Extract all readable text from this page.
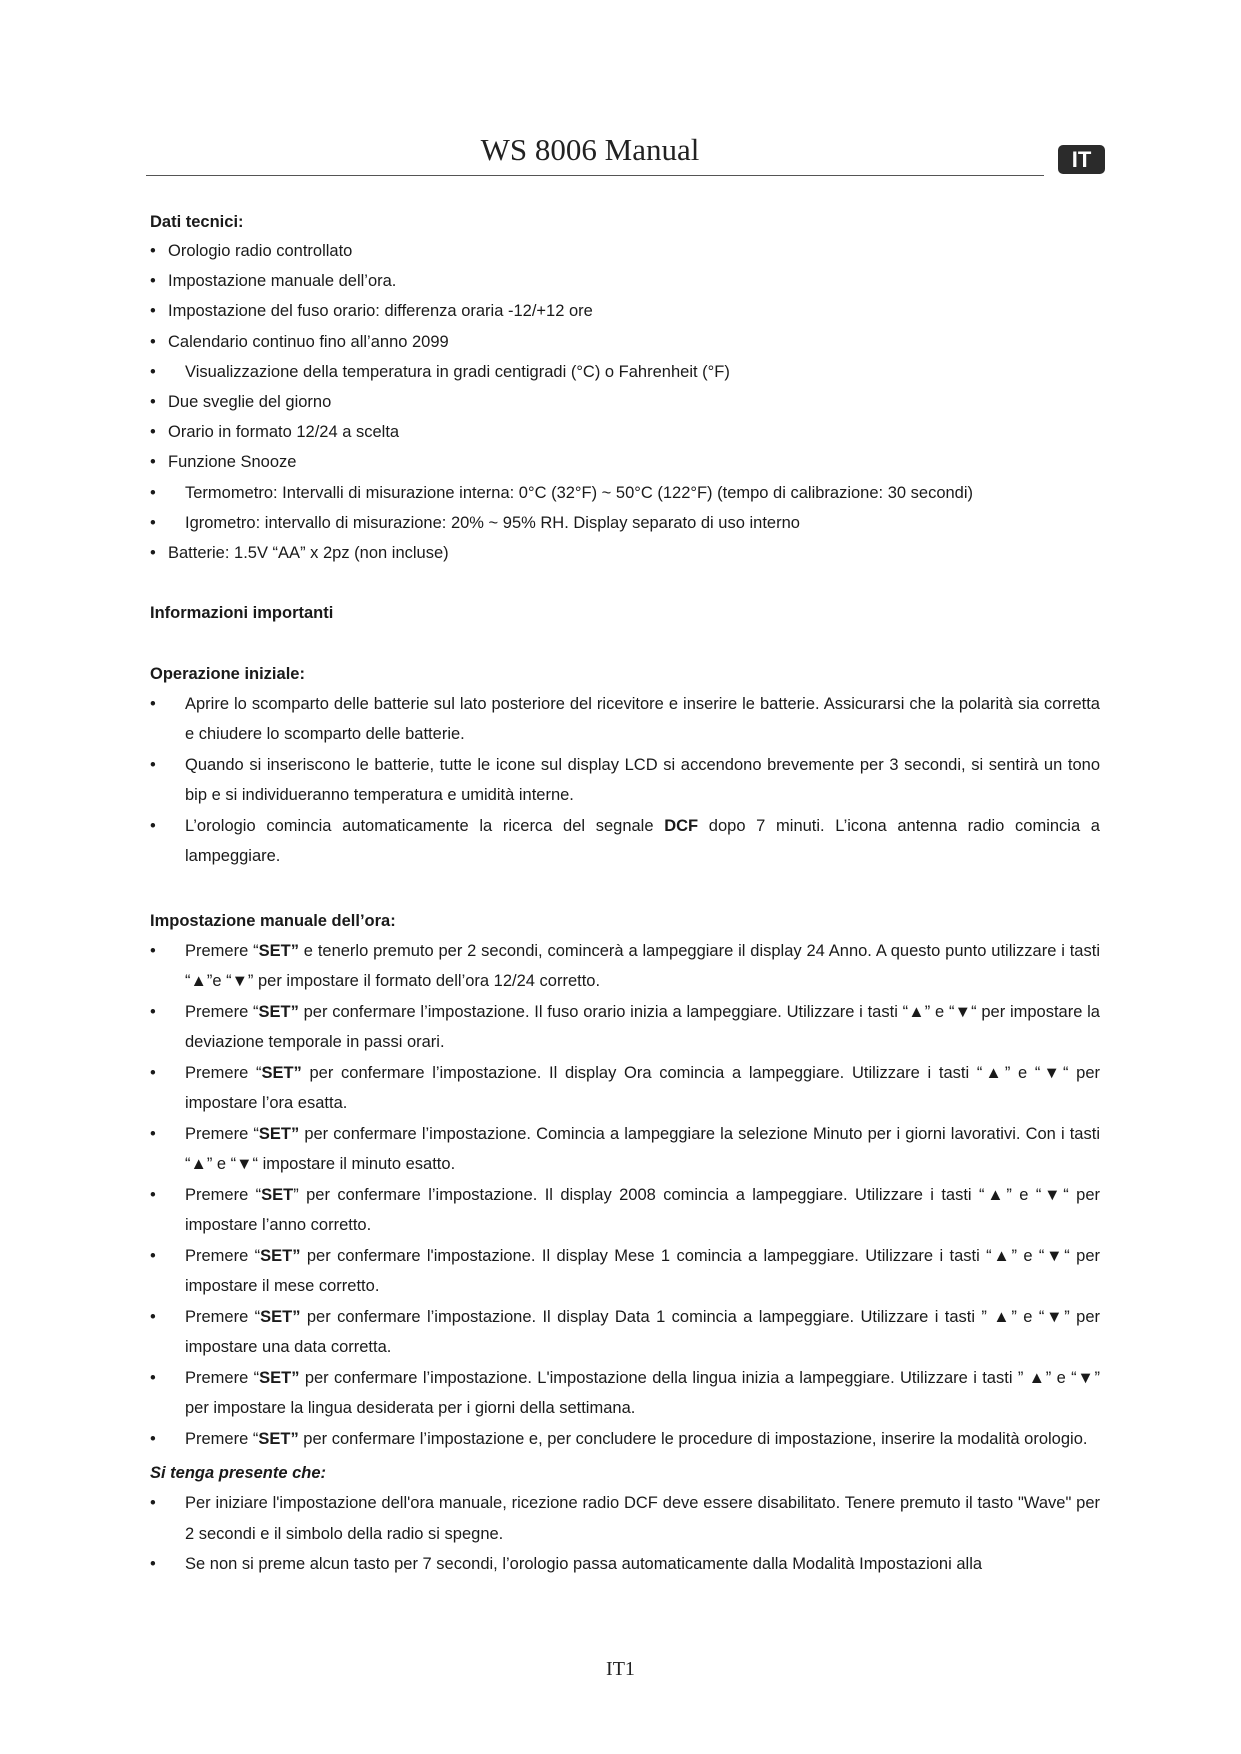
WS 8006 Manual	IT

Dati tecnici:

• Orologio radio controllato
• Impostazione manuale dell’ora.
• Impostazione del fuso orario: differenza oraria -12/+12 ore
• Calendario continuo fino all’anno 2099
• Visualizzazione della temperatura in gradi centigradi (°C) o Fahrenheit (°F)
• Due sveglie del giorno
• Orario in formato 12/24 a scelta
• Funzione Snooze
• Termometro: Intervalli di misurazione interna: 0°C (32°F) ~ 50°C (122°F) (tempo di calibrazione: 30 secondi)
• Igrometro: intervallo di misurazione: 20% ~ 95% RH. Display separato di uso interno
• Batterie: 1.5V “AA” x 2pz (non incluse)

Informazioni importanti

Operazione iniziale:

• Aprire lo scomparto delle batterie sul lato posteriore del ricevitore e inserire le batterie. Assicurarsi che la polarità sia corretta e chiudere lo scomparto delle batterie.
• Quando si inseriscono le batterie, tutte le icone sul display LCD si accendono brevemente per 3 secondi, si sentirà un tono bip e si individueranno temperatura e umidità interne.
• L’orologio comincia automaticamente la ricerca del segnale DCF dopo 7 minuti. L’icona antenna radio comincia a lampeggiare.

Impostazione manuale dell’ora:

• Premere “SET” e tenerlo premuto per 2 secondi, comincerà a lampeggiare il display 24 Anno. A questo punto utilizzare i tasti “▲”e “▼” per impostare il formato dell’ora 12/24 corretto.
• Premere “SET” per confermare l’impostazione. Il fuso orario inizia a lampeggiare. Utilizzare i tasti “▲” e “▼“ per impostare la deviazione temporale in passi orari.
• Premere “SET” per confermare l’impostazione. Il display Ora comincia a lampeggiare. Utilizzare i tasti “▲” e “▼“ per impostare l’ora esatta.
• Premere “SET” per confermare l’impostazione. Comincia a lampeggiare la selezione Minuto per i giorni lavorativi. Con i tasti “▲” e “▼“ impostare il minuto esatto.
• Premere “SET” per confermare l’impostazione. Il display 2008 comincia a lampeggiare. Utilizzare i tasti “▲” e “▼“ per impostare l’anno corretto.
• Premere “SET” per confermare l'impostazione. Il display Mese 1 comincia a lampeggiare. Utilizzare i tasti “▲” e “▼“ per impostare il mese corretto.
• Premere “SET” per confermare l’impostazione. Il display Data 1 comincia a lampeggiare. Utilizzare i tasti ” ▲” e “▼” per impostare una data corretta.
• Premere “SET” per confermare l’impostazione. L'impostazione della lingua inizia a lampeggiare. Utilizzare i tasti ” ▲” e “▼” per impostare la lingua desiderata per i giorni della settimana.
• Premere “SET” per confermare l’impostazione e, per concludere le procedure di impostazione, inserire la modalità orologio.

Si tenga presente che:

• Per iniziare l'impostazione dell'ora manuale, ricezione radio DCF deve essere disabilitato. Tenere premuto il tasto "Wave" per 2 secondi e il simbolo della radio si spegne.
• Se non si preme alcun tasto per 7 secondi, l’orologio passa automaticamente dalla Modalità Impostazioni alla
IT1
